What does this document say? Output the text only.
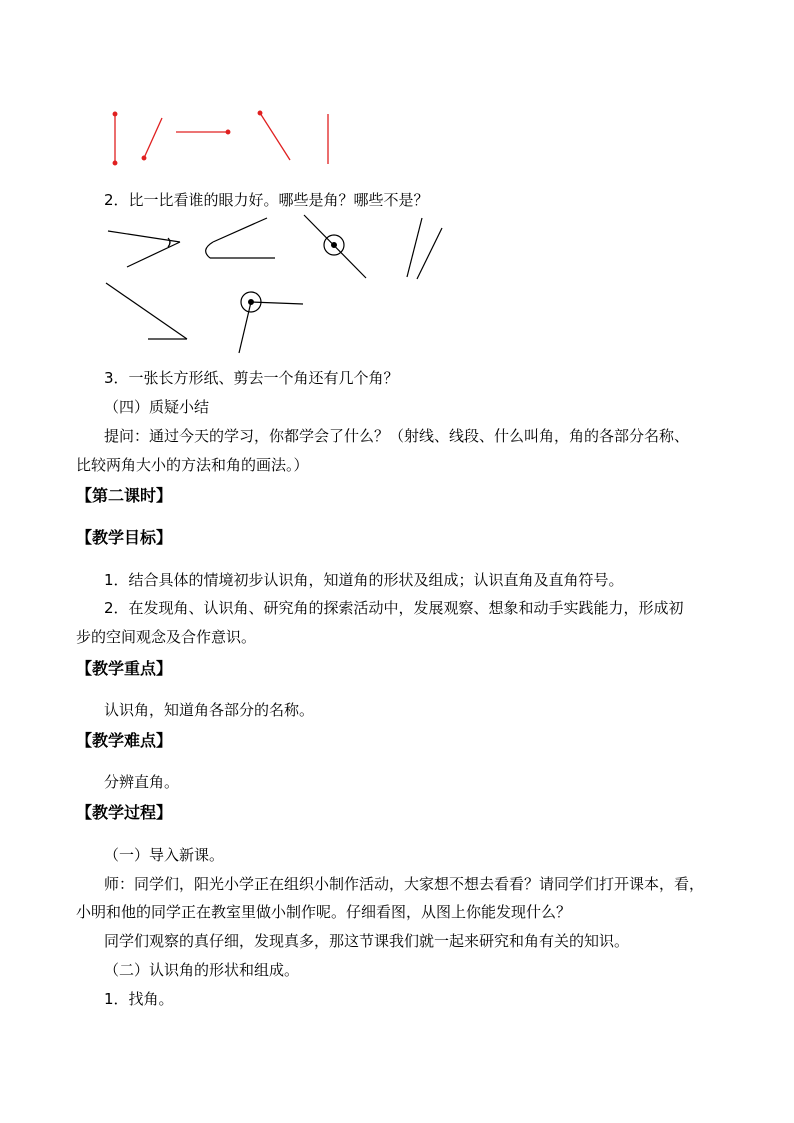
2．比一比看谁的眼力好。哪些是角？哪些不是？
3．一张长方形纸、剪去一个角还有几个角？
（四）质疑小结
提问：通过今天的学习，你都学会了什么？（射线、线段、什么叫角，角的各部分名称、
比较两角大小的方法和角的画法。）
【第二课时】
【教学目标】
1．结合具体的情境初步认识角，知道角的形状及组成；认识直角及直角符号。
2．在发现角、认识角、研究角的探索活动中，发展观察、想象和动手实践能力，形成初
步的空间观念及合作意识。
【教学重点】
认识角，知道角各部分的名称。
【教学难点】
分辨直角。
【教学过程】
（一）导入新课。
师：同学们，阳光小学正在组织小制作活动，大家想不想去看看？请同学们打开课本，看，
小明和他的同学正在教室里做小制作呢。仔细看图，从图上你能发现什么？
同学们观察的真仔细，发现真多，那这节课我们就一起来研究和角有关的知识。
（二）认识角的形状和组成。
1．找角。
